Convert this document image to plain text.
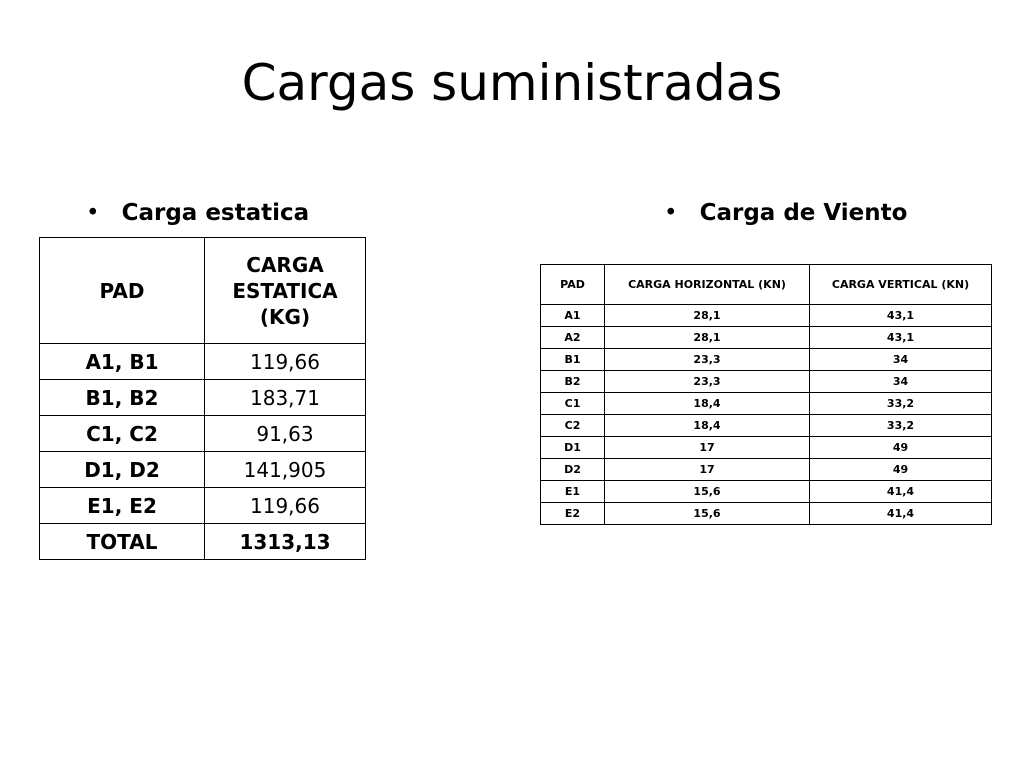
Cargas suministradas
• Carga estatica	• Carga de Viento
PAD	CARGA
ESTATICA
(KG)

A1, B1	119,66
B1, B2	183,71
C1, C2	91,63
D1, D2	141,905
E1, E2	119,66
TOTAL	1313,13
PAD	CARGA HORIZONTAL (KN)	CARGA VERTICAL (KN)
A1	28,1	43,1
A2	28,1	43,1
B1	23,3	34
B2	23,3	34
C1	18,4	33,2
C2	18,4	33,2
D1	17	49
D2	17	49
E1	15,6	41,4
E2	15,6	41,4
